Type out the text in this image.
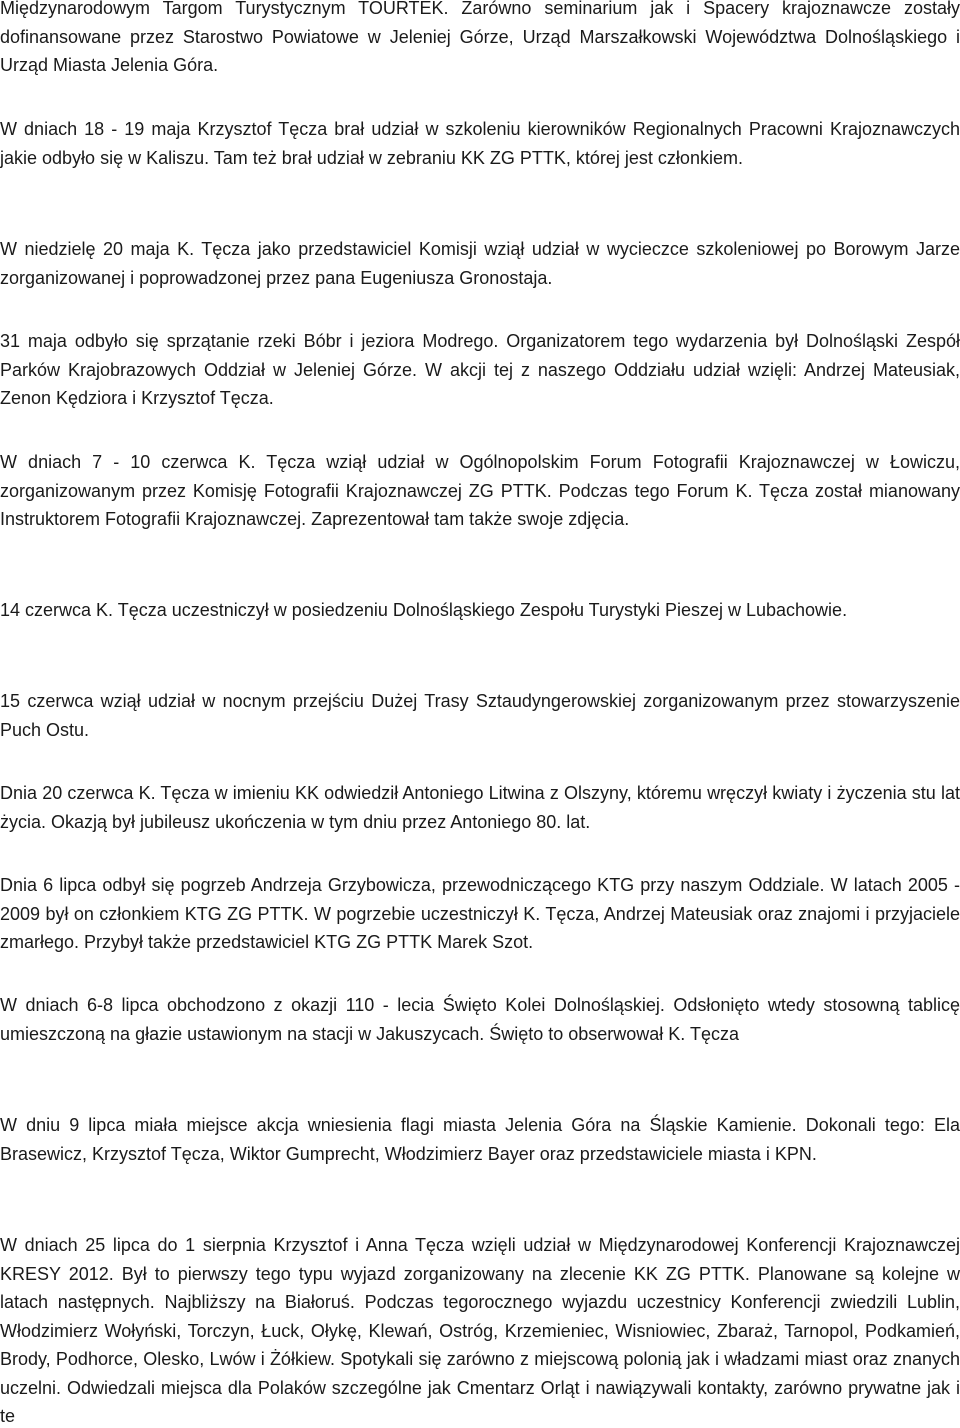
Międzynarodowym Targom Turystycznym TOURTEK. Zarówno seminarium jak i Spacery krajoznawcze zostały dofinansowane przez Starostwo Powiatowe w Jeleniej Górze, Urząd Marszałkowski Województwa Dolnośląskiego i Urząd Miasta Jelenia Góra.

W dniach 18 - 19 maja Krzysztof Tęcza brał udział w szkoleniu kierowników Regionalnych Pracowni Krajoznawczych jakie odbyło się w Kaliszu. Tam też brał udział w zebraniu KK ZG PTTK, której jest członkiem.

W niedzielę 20 maja K. Tęcza jako przedstawiciel Komisji wziął udział w wycieczce szkoleniowej po Borowym Jarze zorganizowanej i poprowadzonej przez pana Eugeniusza Gronostaja.

31 maja odbyło się sprzątanie rzeki Bóbr i jeziora Modrego. Organizatorem tego wydarzenia był Dolnośląski Zespół Parków Krajobrazowych Oddział w Jeleniej Górze. W akcji tej z naszego Oddziału udział wzięli: Andrzej Mateusiak, Zenon Kędziora i Krzysztof Tęcza.

W dniach 7 - 10 czerwca K. Tęcza wziął udział w Ogólnopolskim Forum Fotografii Krajoznawczej w Łowiczu, zorganizowanym przez Komisję Fotografii Krajoznawczej ZG PTTK. Podczas tego Forum K. Tęcza został mianowany Instruktorem Fotografii Krajoznawczej. Zaprezentował tam także swoje zdjęcia.

14 czerwca K. Tęcza uczestniczył w posiedzeniu Dolnośląskiego Zespołu Turystyki Pieszej w Lubachowie.

15 czerwca wziął udział w nocnym przejściu Dużej Trasy Sztaudyngerowskiej zorganizowanym przez stowarzyszenie Puch Ostu.

Dnia 20 czerwca K. Tęcza w imieniu KK odwiedził Antoniego Litwina z Olszyny, któremu wręczył kwiaty i życzenia stu lat życia. Okazją był jubileusz ukończenia w tym dniu przez Antoniego 80. lat.

Dnia 6 lipca odbył się pogrzeb Andrzeja Grzybowicza, przewodniczącego KTG przy naszym Oddziale. W latach 2005 - 2009 był on członkiem KTG ZG PTTK. W pogrzebie uczestniczył K. Tęcza, Andrzej Mateusiak oraz znajomi i przyjaciele zmarłego. Przybył także przedstawiciel KTG ZG PTTK Marek Szot.

W dniach 6-8 lipca obchodzono z okazji 110 - lecia Święto Kolei Dolnośląskiej. Odsłonięto wtedy stosowną tablicę umieszczoną na głazie ustawionym na stacji w Jakuszycach. Święto to obserwował K. Tęcza

W dniu 9 lipca miała miejsce akcja wniesienia flagi miasta Jelenia Góra na Śląskie Kamienie. Dokonali tego: Ela Brasewicz, Krzysztof Tęcza, Wiktor Gumprecht, Włodzimierz Bayer oraz przedstawiciele miasta i KPN.

W dniach 25 lipca do 1 sierpnia Krzysztof i Anna Tęcza wzięli udział w Międzynarodowej Konferencji Krajoznawczej KRESY 2012. Był to pierwszy tego typu wyjazd zorganizowany na zlecenie KK ZG PTTK. Planowane są kolejne w latach następnych. Najbliższy na Białoruś. Podczas tegorocznego wyjazdu uczestnicy Konferencji zwiedzili Lublin, Włodzimierz Wołyński, Torczyn, Łuck, Ołykę, Klewań, Ostróg, Krzemieniec, Wisniowiec, Zbaraż, Tarnopol, Podkamień, Brody, Podhorce, Olesko, Lwów i Żółkiew. Spotykali się zarówno z miejscową polonią jak i władzami miast oraz znanych uczelni. Odwiedzali miejsca dla Polaków szczególne jak Cmentarz Orląt i nawiązywali kontakty, zarówno prywatne jak i te
